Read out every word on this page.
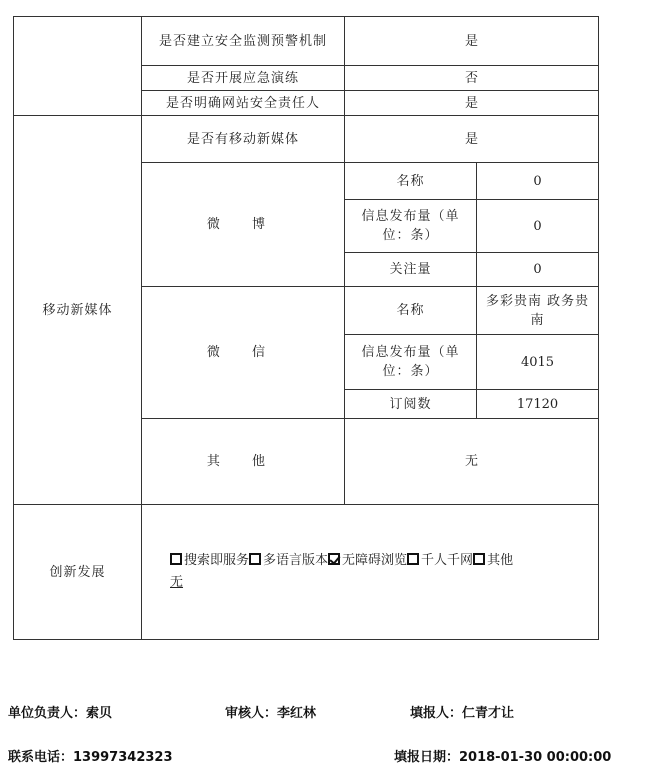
	是否建立安全监测预警机制	是	
	是否开展应急演练	否	
	是否明确网站安全责任人	是	
移动新媒体	是否有移动新媒体	是	
	微 博	名称	0
		信息发布量（单位：条）	0
		关注量	0
	微 信	名称	多彩贵南 政务贵南
		信息发布量（单位：条）	4015
		订阅数	17120
	其 他	无	
创新发展	搜索即服务 多语言版本 无障碍浏览 千人千网 其他
无		
单位负责人：索贝	审核人：李红林	填报人：仁青才让
联系电话：13997342323	填报日期：2018-01-30 00:00:00
